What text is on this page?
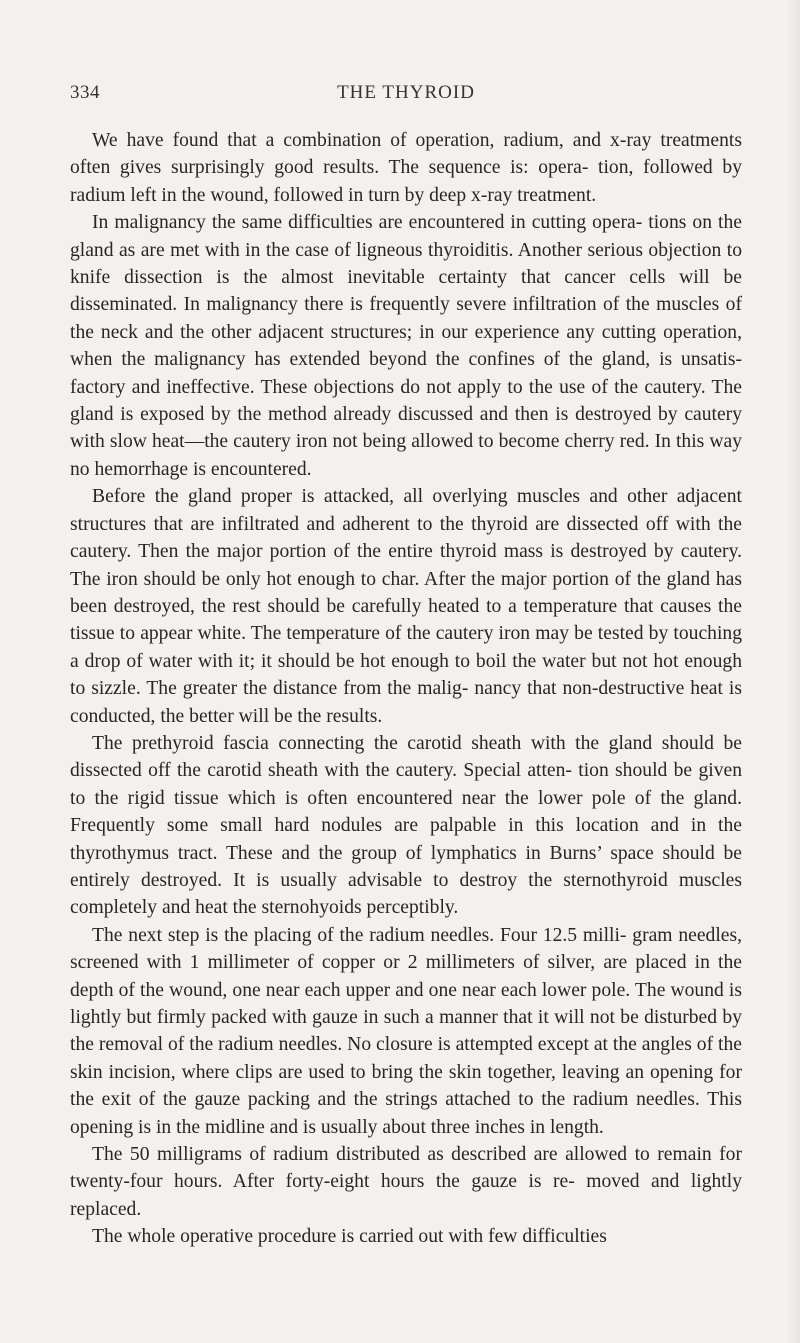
334	THE THYROID

We have found that a combination of operation, radium, and x-ray treatments often gives surprisingly good results. The sequence is: opera- tion, followed by radium left in the wound, followed in turn by deep x-ray treatment.

In malignancy the same difficulties are encountered in cutting opera- tions on the gland as are met with in the case of ligneous thyroiditis. Another serious objection to knife dissection is the almost inevitable certainty that cancer cells will be disseminated. In malignancy there is frequently severe infiltration of the muscles of the neck and the other adjacent structures; in our experience any cutting operation, when the malignancy has extended beyond the confines of the gland, is unsatis- factory and ineffective. These objections do not apply to the use of the cautery. The gland is exposed by the method already discussed and then is destroyed by cautery with slow heat—the cautery iron not being allowed to become cherry red. In this way no hemorrhage is encountered.

Before the gland proper is attacked, all overlying muscles and other adjacent structures that are infiltrated and adherent to the thyroid are dissected off with the cautery. Then the major portion of the entire thyroid mass is destroyed by cautery. The iron should be only hot enough to char. After the major portion of the gland has been destroyed, the rest should be carefully heated to a temperature that causes the tissue to appear white. The temperature of the cautery iron may be tested by touching a drop of water with it; it should be hot enough to boil the water but not hot enough to sizzle. The greater the distance from the malig- nancy that non-destructive heat is conducted, the better will be the results.

The prethyroid fascia connecting the carotid sheath with the gland should be dissected off the carotid sheath with the cautery. Special atten- tion should be given to the rigid tissue which is often encountered near the lower pole of the gland. Frequently some small hard nodules are palpable in this location and in the thyrothymus tract. These and the group of lymphatics in Burns’ space should be entirely destroyed. It is usually advisable to destroy the sternothyroid muscles completely and heat the sternohyoids perceptibly.

The next step is the placing of the radium needles. Four 12.5 milli- gram needles, screened with 1 millimeter of copper or 2 millimeters of silver, are placed in the depth of the wound, one near each upper and one near each lower pole. The wound is lightly but firmly packed with gauze in such a manner that it will not be disturbed by the removal of the radium needles. No closure is attempted except at the angles of the skin incision, where clips are used to bring the skin together, leaving an opening for the exit of the gauze packing and the strings attached to the radium needles. This opening is in the midline and is usually about three inches in length.

The 50 milligrams of radium distributed as described are allowed to remain for twenty-four hours. After forty-eight hours the gauze is re- moved and lightly replaced.

The whole operative procedure is carried out with few difficulties
